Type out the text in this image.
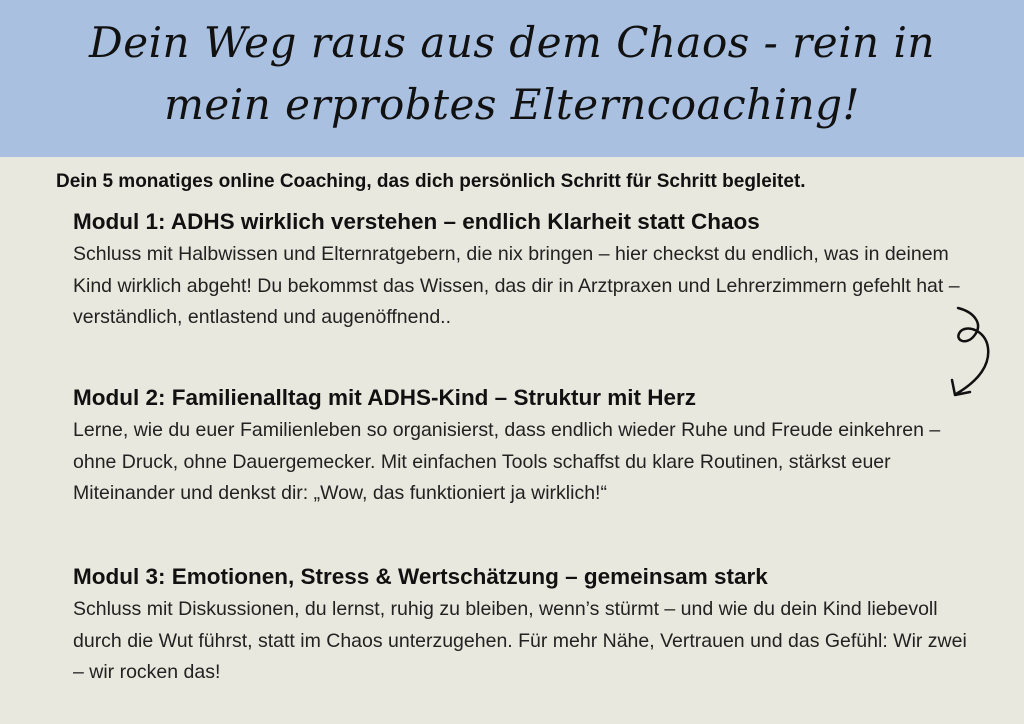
Dein Weg raus aus dem Chaos - rein in mein erprobtes Elterncoaching!
Dein 5 monatiges online Coaching, das dich persönlich Schritt für Schritt begleitet.
Modul 1: ADHS wirklich verstehen – endlich Klarheit statt Chaos

Schluss mit Halbwissen und Elternratgebern, die nix bringen – hier checkst du endlich, was in deinem Kind wirklich abgeht! Du bekommst das Wissen, das dir in Arztpraxen und Lehrerzimmern gefehlt hat – verständlich, entlastend und augenöffnend..

Modul 2: Familienalltag mit ADHS-Kind – Struktur mit Herz

Lerne, wie du euer Familienleben so organisierst, dass endlich wieder Ruhe und Freude einkehren – ohne Druck, ohne Dauergemecker. Mit einfachen Tools schaffst du klare Routinen, stärkst euer Miteinander und denkst dir: „Wow, das funktioniert ja wirklich!“

Modul 3: Emotionen, Stress & Wertschätzung – gemeinsam stark

Schluss mit Diskussionen, du lernst, ruhig zu bleiben, wenn’s stürmt – und wie du dein Kind liebevoll durch die Wut führst, statt im Chaos unterzugehen. Für mehr Nähe, Vertrauen und das Gefühl: Wir zwei – wir rocken das!
